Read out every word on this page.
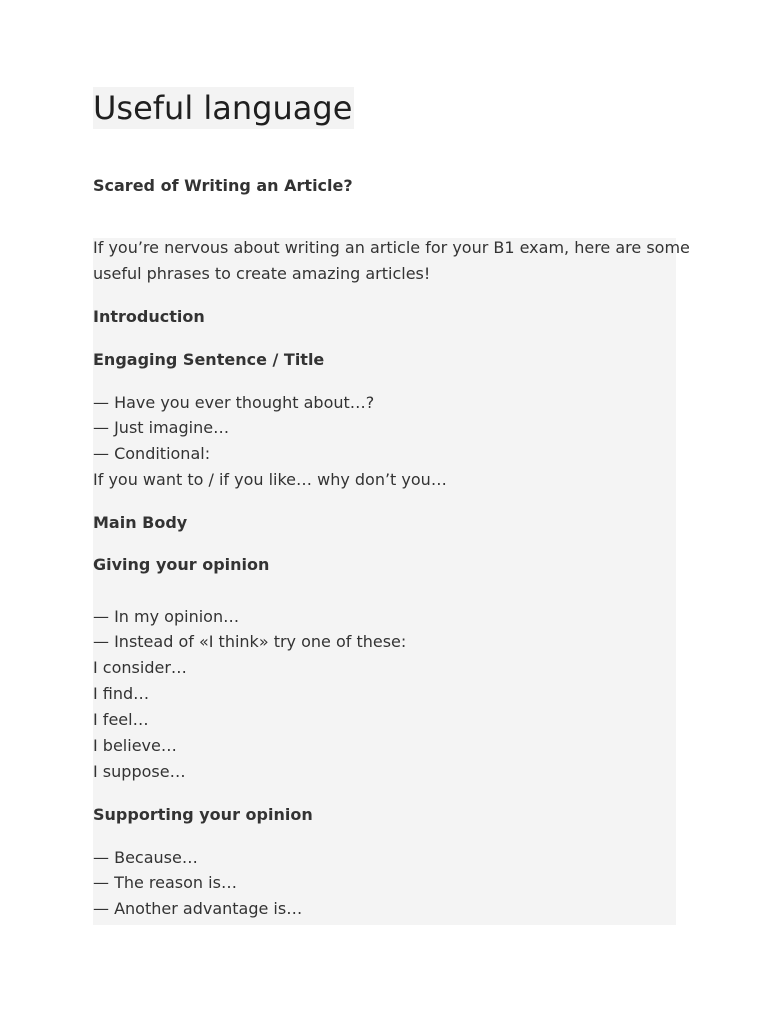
Useful language
Scared of Writing an Article?
If you’re nervous about writing an article for your B1 exam, here are some
useful phrases to create amazing articles!
Introduction
Engaging Sentence / Title
— Have you ever thought about…?
— Just imagine…
— Conditional:
If you want to / if you like… why don’t you…
Main Body
Giving your opinion
— In my opinion…
— Instead of «I think» try one of these:
I consider…
I find…
I feel…
I believe…
I suppose…
Supporting your opinion
— Because…
— The reason is…
— Another advantage is…
